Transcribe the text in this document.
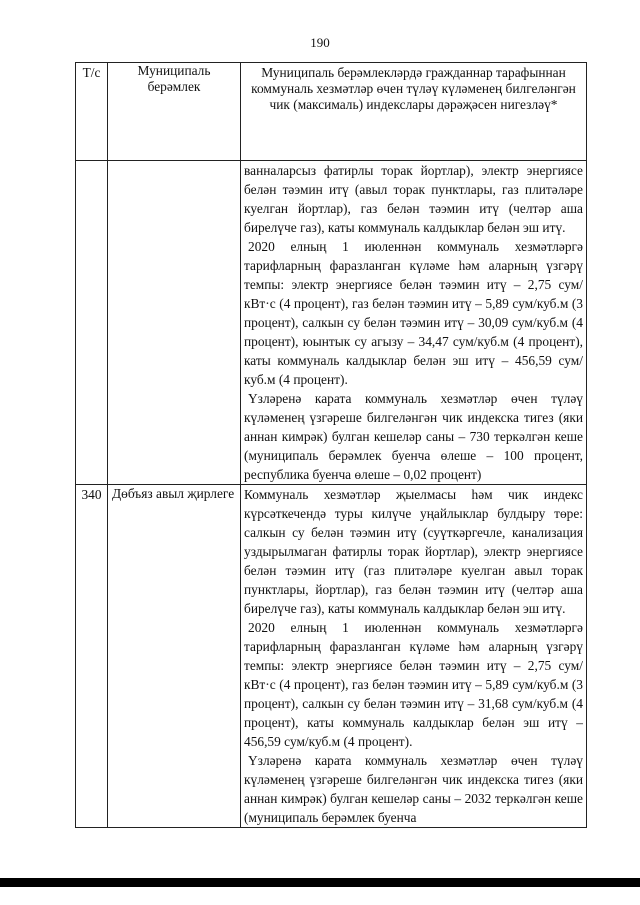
190
Т/с	Муниципаль берәмлек	Муниципаль берәмлекләрдә гражданнар тарафыннан коммуналь хезмәтләр өчен түләү күләменең билгеләнгән чик (максималь) индекслары дәрәҗәсен нигезләү*

		ванналарсыз фатирлы торак йортлар), электр энергиясе белән тәэмин итү (авыл торак пунктлары, газ плитәләре куелган йортлар), газ белән тәэмин итү (челтәр аша бирелүче газ), каты коммуналь калдыклар белән эш итү.

2020 елның 1 июленнән коммуналь хезмәтләргә тарифларның фаразланган күләме һәм аларның үзгәрү темпы: электр энергиясе белән тәэмин итү – 2,75 сум/кВт·с (4 процент), газ белән тәэмин итү – 5,89 сум/куб.м (3 процент), салкын су белән тәэмин итү – 30,09 сум/куб.м (4 процент), юынтык су агызу – 34,47 сум/куб.м (4 процент), каты коммуналь калдыклар белән эш итү – 456,59 сум/куб.м (4 процент).

Үзләренә карата коммуналь хезмәтләр өчен түләү күләменең үзгәреше билгеләнгән чик индекска тигез (яки аннан кимрәк) булган кешеләр саны – 730 теркәлгән кеше (муниципаль берәмлек буенча өлеше – 100 процент, республика буенча өлеше – 0,02 процент)

340	Дөбъяз авыл җирлеге	Коммуналь хезмәтләр җыелмасы һәм чик индекс күрсәткечендә туры килүче уңайлыклар булдыру төре: салкын су белән тәэмин итү (суүткәргечле, канализация уздырылмаган фатирлы торак йортлар), электр энергиясе белән тәэмин итү (газ плитәләре куелган авыл торак пунктлары, йортлар), газ белән тәэмин итү (челтәр аша бирелүче газ), каты коммуналь калдыклар белән эш итү.

2020 елның 1 июленнән коммуналь хезмәтләргә тарифларның фаразланган күләме һәм аларның үзгәрү темпы: электр энергиясе белән тәэмин итү – 2,75 сум/кВт·с (4 процент), газ белән тәэмин итү – 5,89 сум/куб.м (3 процент), салкын су белән тәэмин итү – 31,68 сум/куб.м (4 процент), каты коммуналь калдыклар белән эш итү – 456,59 сум/куб.м (4 процент).

Үзләренә карата коммуналь хезмәтләр өчен түләү күләменең үзгәреше билгеләнгән чик индекска тигез (яки аннан кимрәк) булган кешеләр саны – 2032 теркәлгән кеше (муниципаль берәмлек буенча
